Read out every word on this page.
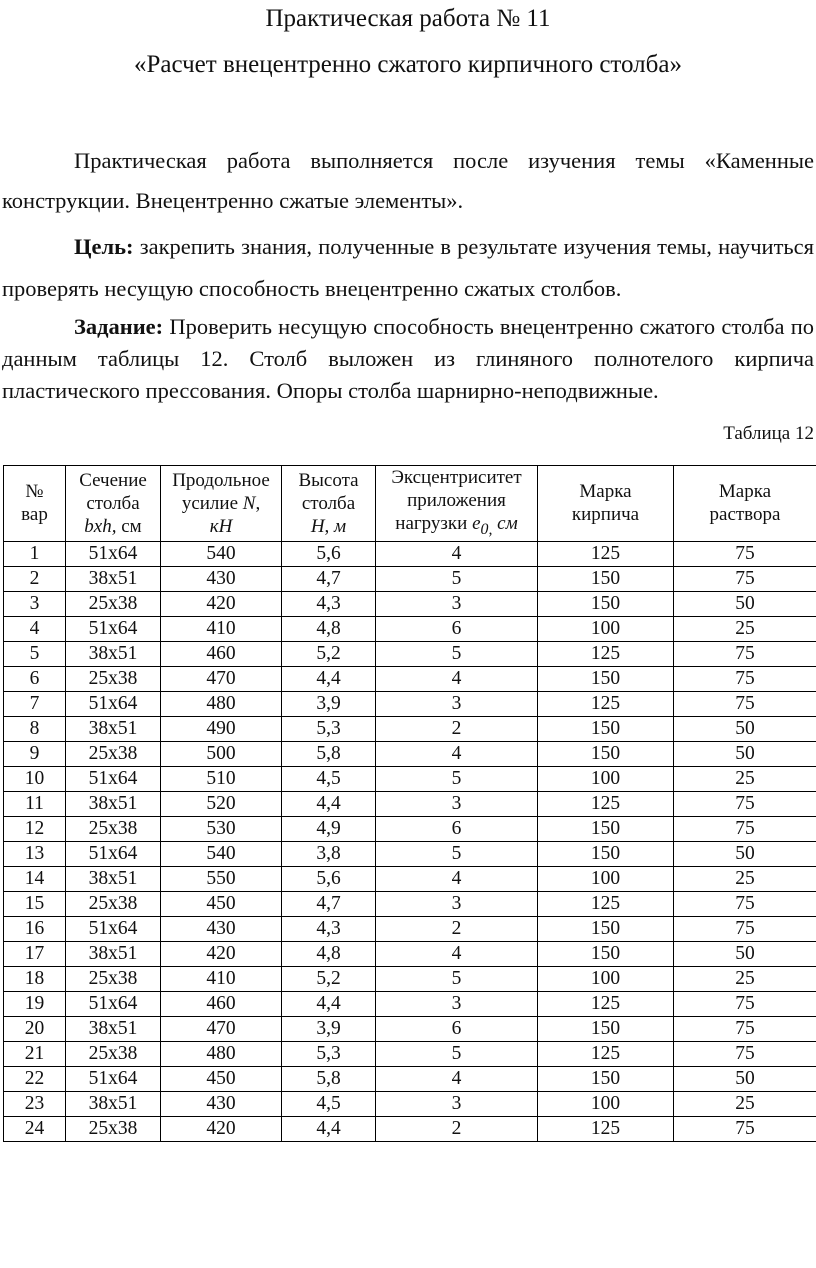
Практическая работа № 11
«Расчет внецентренно сжатого кирпичного столба»

Практическая работа выполняется после изучения темы «Каменные конструкции. Внецентренно сжатые элементы».

Цель: закрепить знания, полученные в результате изучения темы, научиться проверять несущую способность внецентренно сжатых столбов.

Задание: Проверить несущую способность внецентренно сжатого столба по данным таблицы 12. Столб выложен из глиняного полнотелого кирпича пластического прессования. Опоры столба шарнирно-неподвижные.

Таблица 12
№
вар	Сечение
столба
bxh, см	Продольное
усилие N,
кН	Высота
столба
Н, м	Эксцентриситет
приложения
нагрузки $е_{0,}$ см	Марка
кирпича	Марка
раствора
1	51х64	540	5,6	4	125	75
2	38х51	430	4,7	5	150	75
3	25х38	420	4,3	3	150	50
4	51х64	410	4,8	6	100	25
5	38х51	460	5,2	5	125	75
6	25х38	470	4,4	4	150	75
7	51х64	480	3,9	3	125	75
8	38х51	490	5,3	2	150	50
9	25х38	500	5,8	4	150	50
10	51х64	510	4,5	5	100	25
11	38х51	520	4,4	3	125	75
12	25х38	530	4,9	6	150	75
13	51х64	540	3,8	5	150	50
14	38х51	550	5,6	4	100	25
15	25х38	450	4,7	3	125	75
16	51х64	430	4,3	2	150	75
17	38х51	420	4,8	4	150	50
18	25х38	410	5,2	5	100	25
19	51х64	460	4,4	3	125	75
20	38х51	470	3,9	6	150	75
21	25х38	480	5,3	5	125	75
22	51х64	450	5,8	4	150	50
23	38х51	430	4,5	3	100	25
24	25х38	420	4,4	2	125	75
